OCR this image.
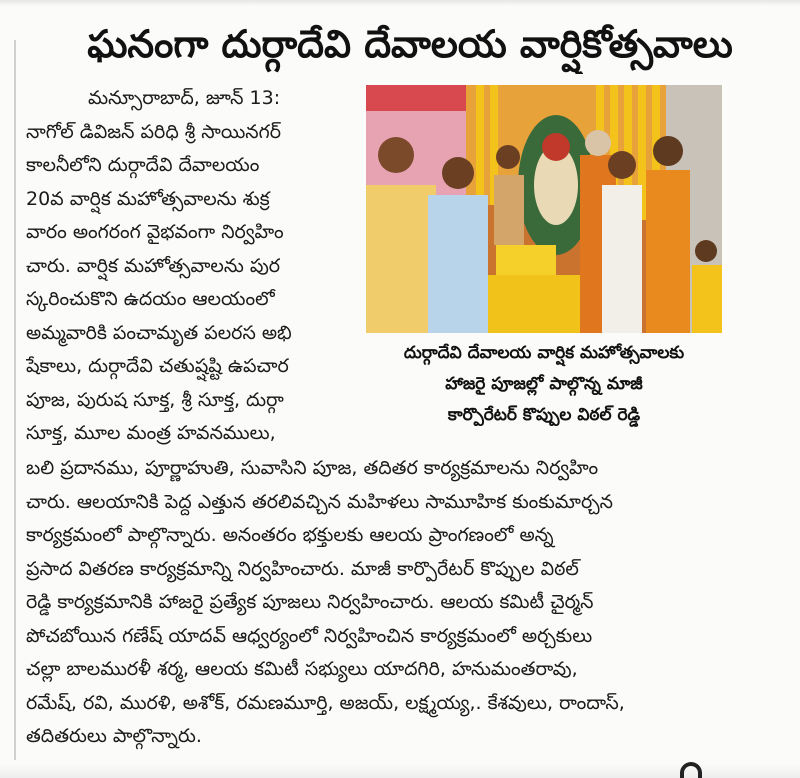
ఘనంగా దుర్గాదేవి దేవాలయ వార్షికోత్సవాలు
మన్సూరాబాద్, జూన్ 13:
నాగోల్ డివిజన్ పరిధి శ్రీ సాయినగర్
కాలనీలోని దుర్గాదేవి దేవాలయం
20వ వార్షిక మహోత్సవాలను శుక్ర
వారం అంగరంగ వైభవంగా నిర్వహిం
చారు. వార్షిక మహోత్సవాలను పుర
స్కరించుకొని ఉదయం ఆలయంలో
అమ్మవారికి పంచామృత పలరస అభి
షేకాలు, దుర్గాదేవి చతుష్షష్టి ఉపచార
పూజ, పురుష సూక్త, శ్రీ సూక్త, దుర్గా
సూక్త, మూల మంత్ర హవనములు,
దుర్గాదేవి దేవాలయ వార్షిక మహోత్సవాలకు
హాజరై పూజల్లో పాల్గొన్న మాజీ
కార్పొరేటర్ కొప్పుల విఠల్ రెడ్డి
బలి ప్రదానము, పూర్ణాహుతి, సువాసిని పూజ, తదితర కార్యక్రమాలను నిర్వహిం
చారు. ఆలయానికి పెద్ద ఎత్తున తరలివచ్చిన మహిళలు సామూహిక కుంకుమార్చన
కార్యక్రమంలో పాల్గొన్నారు. అనంతరం భక్తులకు ఆలయ ప్రాంగణంలో అన్న
ప్రసాద వితరణ కార్యక్రమాన్ని నిర్వహించారు. మాజీ కార్పొరేటర్ కొప్పుల విఠల్
రెడ్డి కార్యక్రమానికి హాజరై ప్రత్యేక పూజలు నిర్వహించారు. ఆలయ కమిటీ చైర్మన్
పోచబోయిన గణేష్ యాదవ్ ఆధ్వర్యంలో నిర్వహించిన కార్యక్రమంలో అర్చకులు
చల్లా బాలమురళీ శర్మ, ఆలయ కమిటీ సభ్యులు యాదగిరి, హనుమంతరావు,
రమేష్, రవి, మురళి, అశోక్, రమణమూర్తి, అజయ్, లక్ష్మయ్య,. కేశవులు, రాందాస్,
తదితరులు పాల్గొన్నారు.
